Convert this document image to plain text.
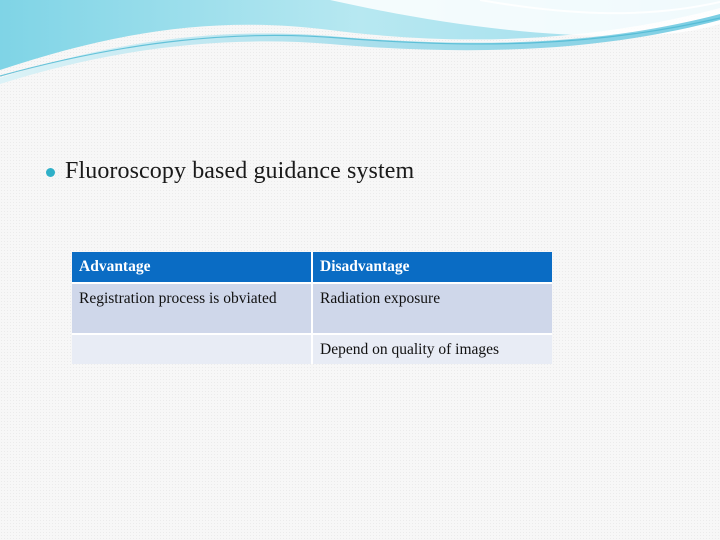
Fluoroscopy based guidance system
Advantage	Disadvantage
Registration process is obviated	Radiation exposure
	Depend on quality of images
